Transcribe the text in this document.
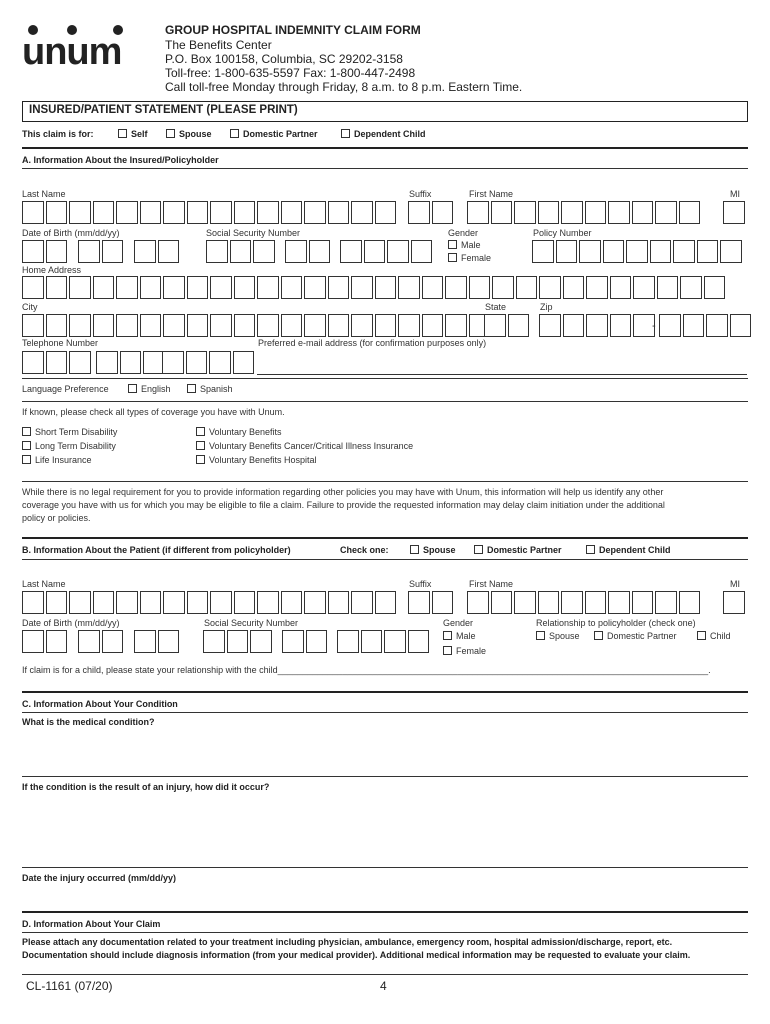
unum
GROUP HOSPITAL INDEMNITY CLAIM FORM
The Benefits Center
P.O. Box 100158, Columbia, SC 29202-3158
Toll-free: 1-800-635-5597 Fax: 1-800-447-2498
Call toll-free Monday through Friday, 8 a.m. to 8 p.m. Eastern Time.
INSURED/PATIENT STATEMENT (PLEASE PRINT)
This claim is for:	Self	Spouse	Domestic Partner	Dependent Child
A. Information About the Insured/Policyholder
Last Name	Suffix	First Name	MI
Date of Birth (mm/dd/yy)	Social Security Number	Gender
Male
Female
Policy Number
Home Address
City	State	Zip
-
Telephone Number	Preferred e-mail address (for confirmation purposes only)
Language Preference	English	Spanish
If known, please check all types of coverage you have with Unum.
Short Term Disability
Long Term Disability
Life Insurance
Voluntary Benefits
Voluntary Benefits Cancer/Critical Illness Insurance
Voluntary Benefits Hospital
While there is no legal requirement for you to provide information regarding other policies you may have with Unum, this information will help us identify any other
coverage you have with us for which you may be eligible to file a claim. Failure to provide the requested information may delay claim initiation under the additional
policy or policies.
B. Information About the Patient (if different from policyholder)	Check one:	Spouse	Domestic Partner	Dependent Child
Last Name	Suffix	First Name	MI
Date of Birth (mm/dd/yy)	Social Security Number	Gender
Male
Female
Relationship to policyholder (check one)
Spouse	Domestic Partner	Child
If claim is for a child, please state your relationship with the child______________________________________________________________________________________.
C. Information About Your Condition
What is the medical condition?
If the condition is the result of an injury, how did it occur?
Date the injury occurred (mm/dd/yy)
D. Information About Your Claim
Please attach any documentation related to your treatment including physician, ambulance, emergency room, hospital admission/discharge, report, etc.
Documentation should include diagnosis information (from your medical provider). Additional medical information may be requested to evaluate your claim.
CL-1161 (07/20)	4
